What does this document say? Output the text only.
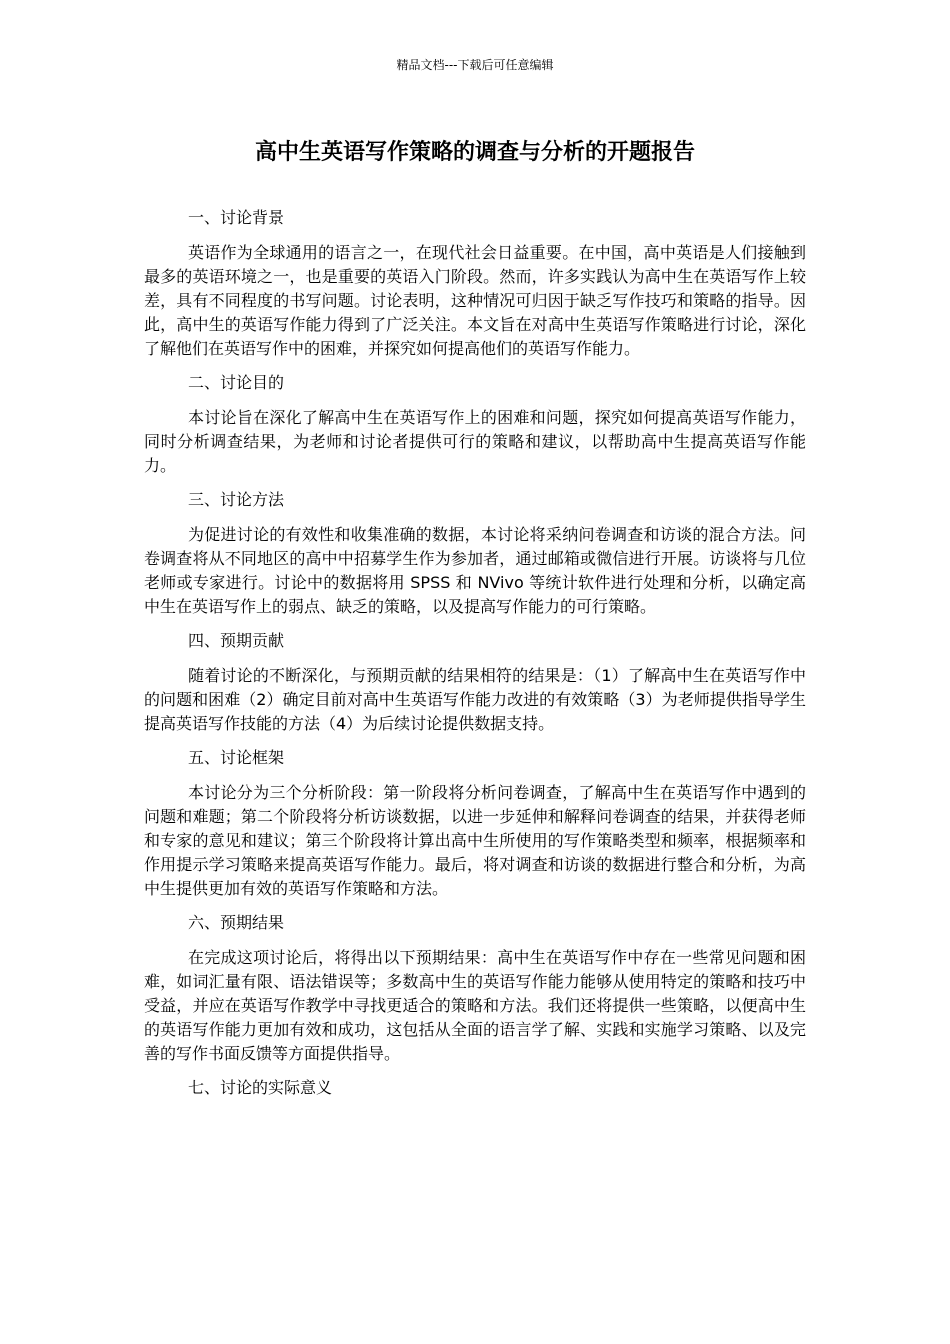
精品文档---下载后可任意编辑
高中生英语写作策略的调查与分析的开题报告

一、讨论背景

英语作为全球通用的语言之一，在现代社会日益重要。在中国，高中英语是人们接触到最多的英语环境之一，也是重要的英语入门阶段。然而，许多实践认为高中生在英语写作上较差，具有不同程度的书写问题。讨论表明，这种情况可归因于缺乏写作技巧和策略的指导。因此，高中生的英语写作能力得到了广泛关注。本文旨在对高中生英语写作策略进行讨论，深化了解他们在英语写作中的困难，并探究如何提高他们的英语写作能力。

二、讨论目的

本讨论旨在深化了解高中生在英语写作上的困难和问题，探究如何提高英语写作能力，同时分析调查结果，为老师和讨论者提供可行的策略和建议，以帮助高中生提高英语写作能力。

三、讨论方法

为促进讨论的有效性和收集准确的数据，本讨论将采纳问卷调查和访谈的混合方法。问卷调查将从不同地区的高中中招募学生作为参加者，通过邮箱或微信进行开展。访谈将与几位老师或专家进行。讨论中的数据将用 SPSS 和 NVivo 等统计软件进行处理和分析，以确定高中生在英语写作上的弱点、缺乏的策略，以及提高写作能力的可行策略。

四、预期贡献

随着讨论的不断深化，与预期贡献的结果相符的结果是：（1）了解高中生在英语写作中的问题和困难（2）确定目前对高中生英语写作能力改进的有效策略（3）为老师提供指导学生提高英语写作技能的方法（4）为后续讨论提供数据支持。

五、讨论框架

本讨论分为三个分析阶段：第一阶段将分析问卷调查，了解高中生在英语写作中遇到的问题和难题；第二个阶段将分析访谈数据，以进一步延伸和解释问卷调查的结果，并获得老师和专家的意见和建议；第三个阶段将计算出高中生所使用的写作策略类型和频率，根据频率和作用提示学习策略来提高英语写作能力。最后，将对调查和访谈的数据进行整合和分析，为高中生提供更加有效的英语写作策略和方法。

六、预期结果

在完成这项讨论后，将得出以下预期结果：高中生在英语写作中存在一些常见问题和困难，如词汇量有限、语法错误等；多数高中生的英语写作能力能够从使用特定的策略和技巧中受益，并应在英语写作教学中寻找更适合的策略和方法。我们还将提供一些策略，以便高中生的英语写作能力更加有效和成功，这包括从全面的语言学了解、实践和实施学习策略、以及完善的写作书面反馈等方面提供指导。

七、讨论的实际意义
